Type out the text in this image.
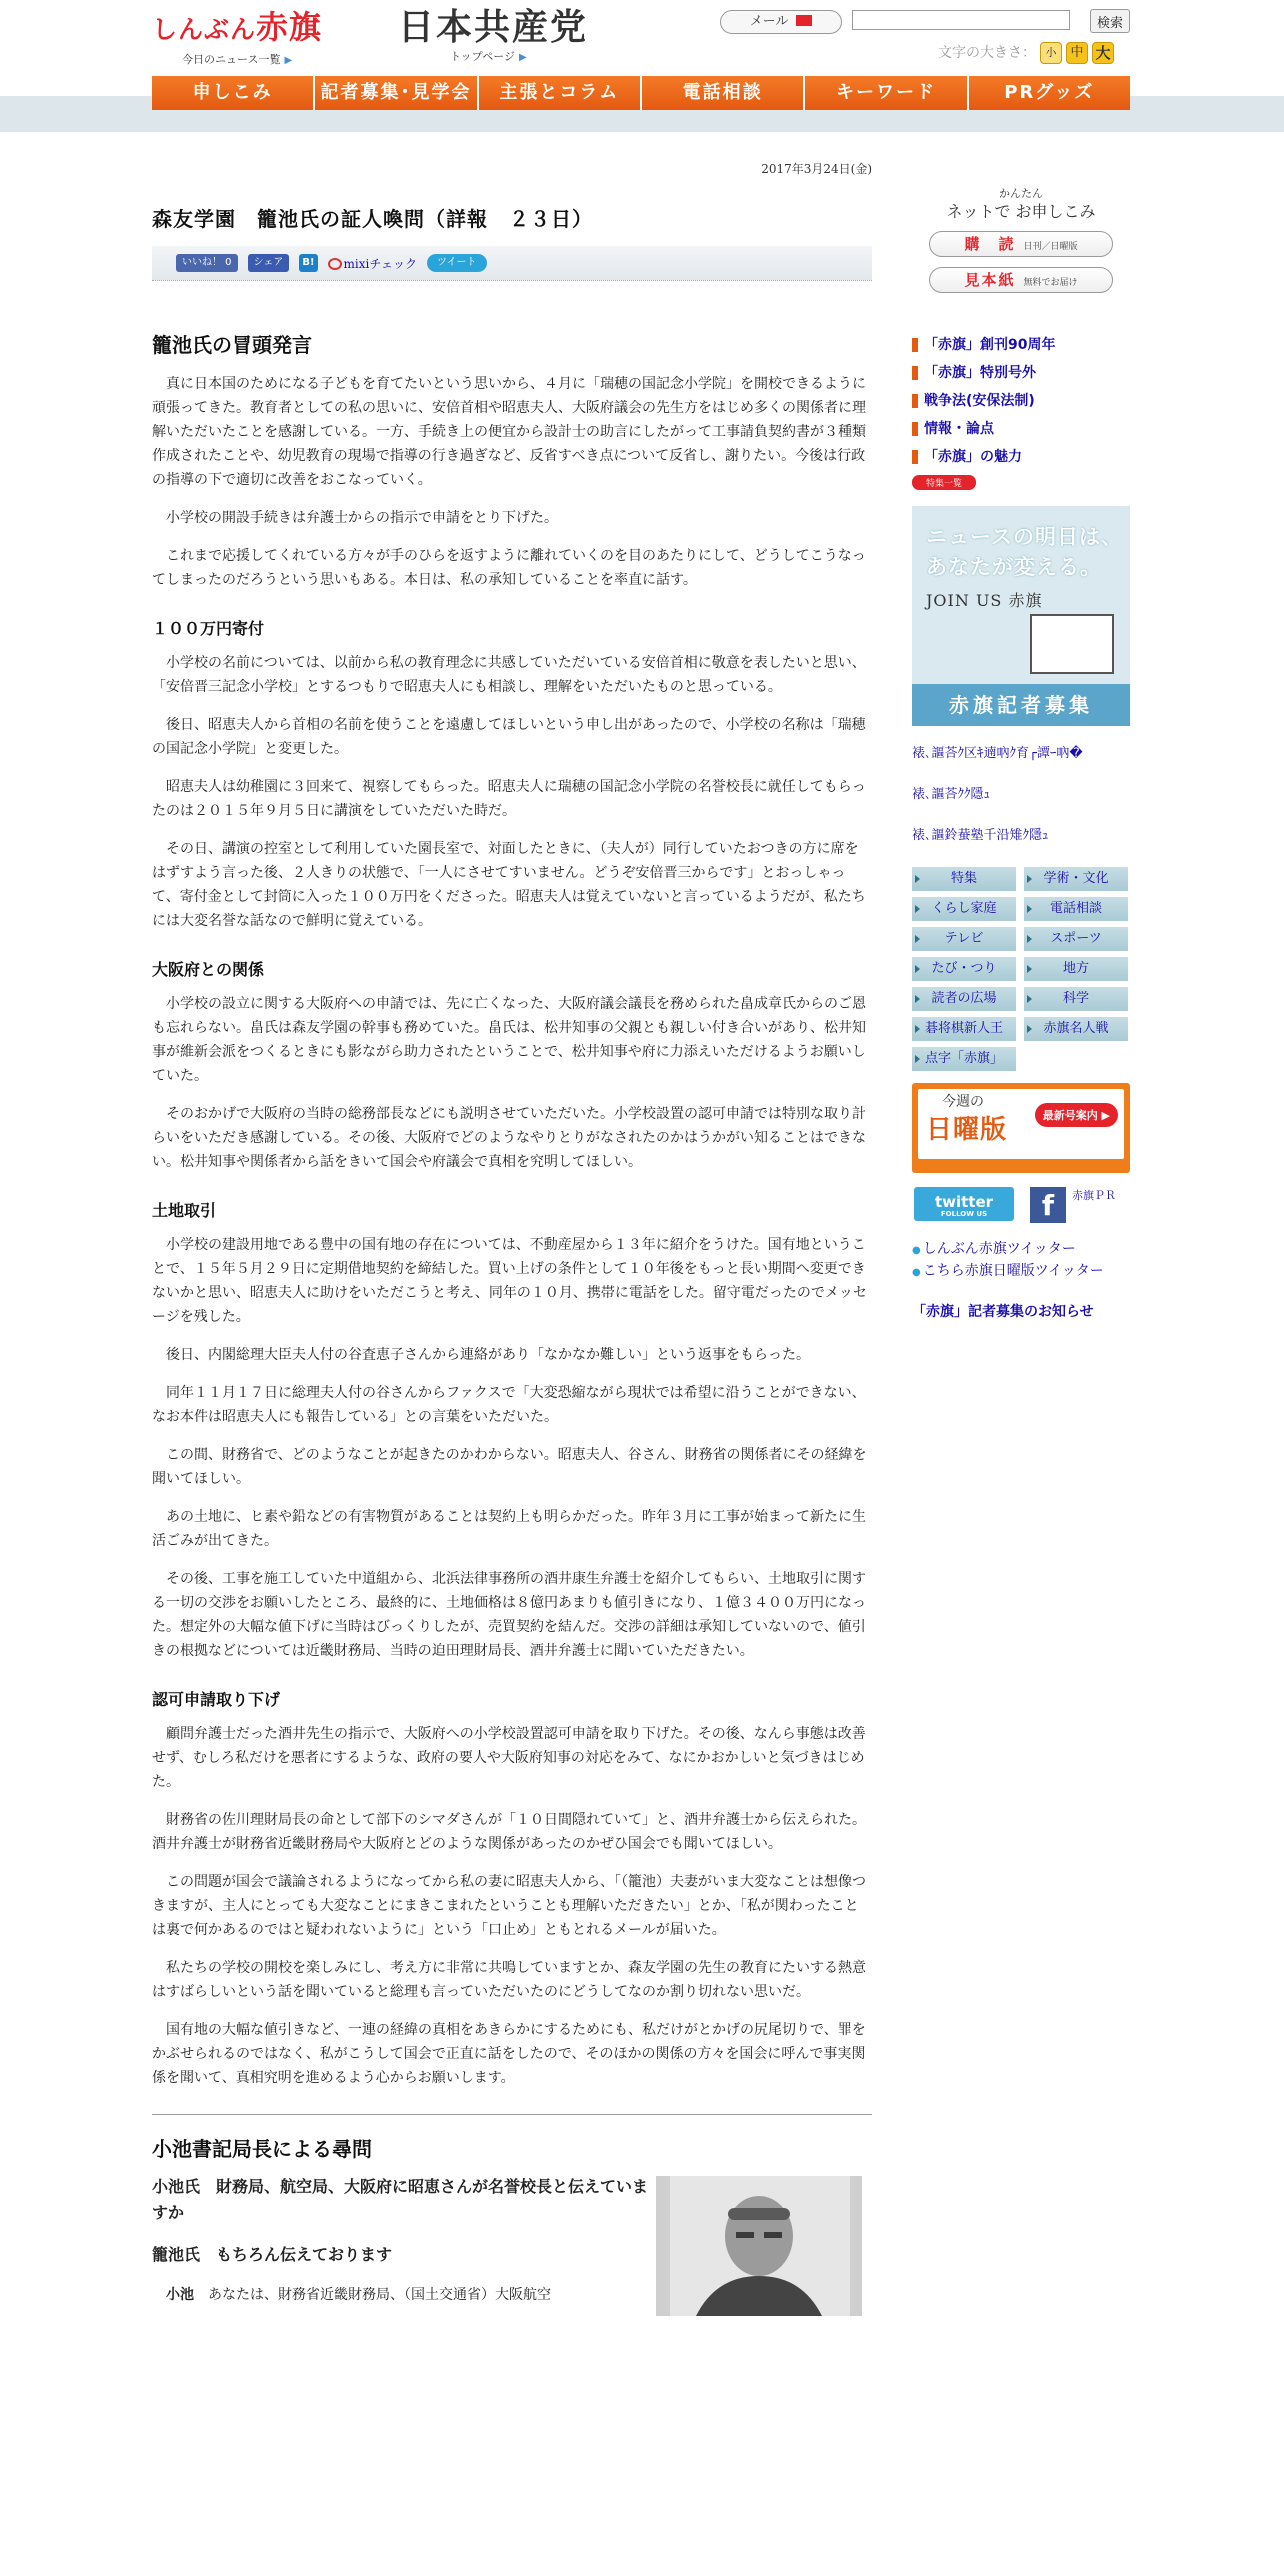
しんぶん赤旗
今日のニュース一覧 ▶
日本共産党
トップページ ▶
メール	検索
文字の大きさ： 小 中 大
申しこみ	記者募集･見学会	主張とコラム	電話相談	キーワード	PRグッズ
2017年3月24日(金)
森友学園　籠池氏の証人喚問（詳報　２３日）
いいね！ 0	シェア	B!	mixiチェック	ツイート
籠池氏の冒頭発言

真に日本国のためになる子どもを育てたいという思いから、４月に「瑞穂の国記念小学院」を開校できるように頑張ってきた。教育者としての私の思いに、安倍首相や昭恵夫人、大阪府議会の先生方をはじめ多くの関係者に理解いただいたことを感謝している。一方、手続き上の便宜から設計士の助言にしたがって工事請負契約書が３種類作成されたことや、幼児教育の現場で指導の行き過ぎなど、反省すべき点について反省し、謝りたい。今後は行政の指導の下で適切に改善をおこなっていく。

小学校の開設手続きは弁護士からの指示で申請をとり下げた。

これまで応援してくれている方々が手のひらを返すように離れていくのを目のあたりにして、どうしてこうなってしまったのだろうという思いもある。本日は、私の承知していることを率直に話す。

１００万円寄付

小学校の名前については、以前から私の教育理念に共感していただいている安倍首相に敬意を表したいと思い、「安倍晋三記念小学校」とするつもりで昭恵夫人にも相談し、理解をいただいたものと思っている。

後日、昭恵夫人から首相の名前を使うことを遠慮してほしいという申し出があったので、小学校の名称は「瑞穂の国記念小学院」と変更した。

昭恵夫人は幼稚園に３回来て、視察してもらった。昭恵夫人に瑞穂の国記念小学院の名誉校長に就任してもらったのは２０１５年９月５日に講演をしていただいた時だ。

その日、講演の控室として利用していた園長室で、対面したときに、（夫人が）同行していたおつきの方に席をはずすよう言った後、２人きりの状態で、「一人にさせてすいません。どうぞ安倍晋三からです」とおっしゃって、寄付金として封筒に入った１００万円をくださった。昭恵夫人は覚えていないと言っているようだが、私たちには大変名誉な話なので鮮明に覚えている。

大阪府との関係

小学校の設立に関する大阪府への申請では、先に亡くなった、大阪府議会議長を務められた畠成章氏からのご恩も忘れらない。畠氏は森友学園の幹事も務めていた。畠氏は、松井知事の父親とも親しい付き合いがあり、松井知事が維新会派をつくるときにも影ながら助力されたということで、松井知事や府に力添えいただけるようお願いしていた。

そのおかげで大阪府の当時の総務部長などにも説明させていただいた。小学校設置の認可申請では特別な取り計らいをいただき感謝している。その後、大阪府でどのようなやりとりがなされたのかはうかがい知ることはできない。松井知事や関係者から話をきいて国会や府議会で真相を究明してほしい。

土地取引

小学校の建設用地である豊中の国有地の存在については、不動産屋から１３年に紹介をうけた。国有地ということで、１５年５月２９日に定期借地契約を締結した。買い上げの条件として１０年後をもっと長い期間へ変更できないかと思い、昭恵夫人に助けをいただこうと考え、同年の１０月、携帯に電話をした。留守電だったのでメッセージを残した。

後日、内閣総理大臣夫人付の谷査恵子さんから連絡があり「なかなか難しい」という返事をもらった。

同年１１月１７日に総理夫人付の谷さんからファクスで「大変恐縮ながら現状では希望に沿うことができない、なお本件は昭恵夫人にも報告している」との言葉をいただいた。

この間、財務省で、どのようなことが起きたのかわからない。昭恵夫人、谷さん、財務省の関係者にその経緯を聞いてほしい。

あの土地に、ヒ素や鉛などの有害物質があることは契約上も明らかだった。昨年３月に工事が始まって新たに生活ごみが出てきた。

その後、工事を施工していた中道組から、北浜法律事務所の酒井康生弁護士を紹介してもらい、土地取引に関する一切の交渉をお願いしたところ、最終的に、土地価格は８億円あまりも値引きになり、１億３４００万円になった。想定外の大幅な値下げに当時はびっくりしたが、売買契約を結んだ。交渉の詳細は承知していないので、値引きの根拠などについては近畿財務局、当時の迫田理財局長、酒井弁護士に聞いていただきたい。

認可申請取り下げ

顧問弁護士だった酒井先生の指示で、大阪府への小学校設置認可申請を取り下げた。その後、なんら事態は改善せず、むしろ私だけを悪者にするような、政府の要人や大阪府知事の対応をみて、なにかおかしいと気づきはじめた。

財務省の佐川理財局長の命として部下のシマダさんが「１０日間隠れていて」と、酒井弁護士から伝えられた。酒井弁護士が財務省近畿財務局や大阪府とどのような関係があったのかぜひ国会でも聞いてほしい。

この問題が国会で議論されるようになってから私の妻に昭恵夫人から、「（籠池）夫妻がいま大変なことは想像つきますが、主人にとっても大変なことにまきこまれたということも理解いただきたい」とか、「私が関わったことは裏で何かあるのではと疑われないように」という「口止め」ともとれるメールが届いた。

私たちの学校の開校を楽しみにし、考え方に非常に共鳴していますとか、森友学園の先生の教育にたいする熱意はすばらしいという話を聞いていると総理も言っていただいたのにどうしてなのか割り切れない思いだ。

国有地の大幅な値引きなど、一連の経緯の真相をあきらかにするためにも、私だけがとかげの尻尾切りで、罪をかぶせられるのではなく、私がこうして国会で正直に話をしたので、そのほかの関係の方々を国会に呼んで事実関係を聞いて、真相究明を進めるよう心からお願いします。

小池書記局長による尋問
小池氏　財務局、航空局、大阪府に昭恵さんが名誉校長と伝えていますか
籠池氏　もちろん伝えております
小池　あなたは、財務省近畿財務局、（国土交通省）大阪航空
かんたん
ネットで お申しこみ
購　読 日刊／日曜版
見本紙 無料でお届け
「赤旗」創刊90周年
「赤旗」特別号外
戦争法(安保法制)
情報・論点
「赤旗」の魅力
特集一覧
ニュースの明日は、
あなたが変える。
JOIN US 赤旗
赤旗記者募集
裱､謳荅ｸ区ｷ遖吶ｸ育┌譚ｰ吶�
裱､謳荅ｸｸ隱ｭ
裱､謳鈴蛬塾千沿雉ｸ隱ｭ
特集	学術・文化
くらし家庭	電話相談
テレビ	スポーツ
たび・つり	地方
読者の広場	科学
碁将棋新人王	赤旗名人戦
点字「赤旗」
今週の
日曜版	最新号案内 ▶
twitter
FOLLOW US	f	赤旗ＰＲ
● しんぶん赤旗ツイッター
● こちら赤旗日曜版ツイッター
「赤旗」記者募集のお知らせ
